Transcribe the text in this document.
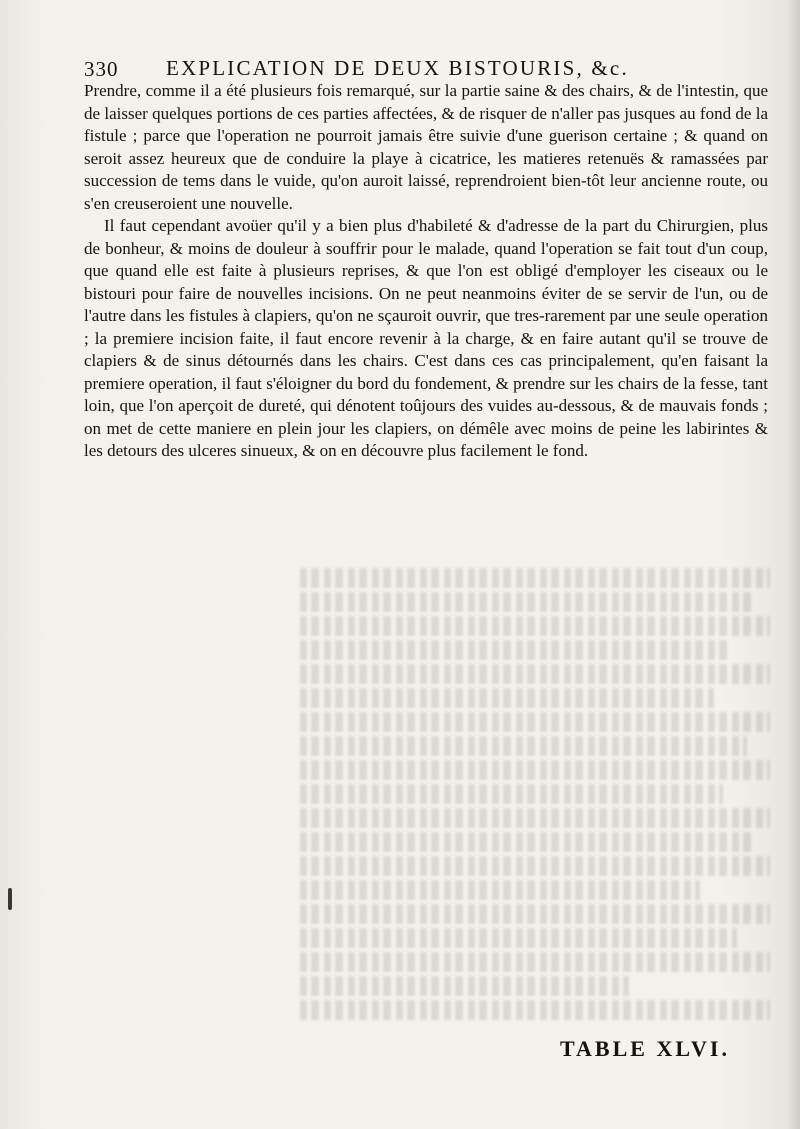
330 EXPLICATION DE DEUX BISTOURIS, &c.

Prendre, comme il a été plusieurs fois remarqué, sur la partie saine & des chairs, & de l'intestin, que de laisser quelques portions de ces parties affectées, & de risquer de n'aller pas jusques au fond de la fistule ; parce que l'operation ne pourroit jamais être suivie d'une guerison certaine ; & quand on seroit assez heureux que de conduire la playe à cicatrice, les matieres retenuës & ramassées par succession de tems dans le vuide, qu'on auroit laissé, reprendroient bien-tôt leur ancienne route, ou s'en creuseroient une nouvelle.

Il faut cependant avoüer qu'il y a bien plus d'habileté & d'adresse de la part du Chirurgien, plus de bonheur, & moins de douleur à souffrir pour le malade, quand l'operation se fait tout d'un coup, que quand elle est faite à plusieurs reprises, & que l'on est obligé d'employer les ciseaux ou le bistouri pour faire de nouvelles incisions. On ne peut neanmoins éviter de se servir de l'un, ou de l'autre dans les fistules à clapiers, qu'on ne sçauroit ouvrir, que tres-rarement par une seule operation ; la premiere incision faite, il faut encore revenir à la charge, & en faire autant qu'il se trouve de clapiers & de sinus détournés dans les chairs. C'est dans ces cas principalement, qu'en faisant la premiere operation, il faut s'éloigner du bord du fondement, & prendre sur les chairs de la fesse, tant loin, que l'on aperçoit de dureté, qui dénotent toûjours des vuides au-dessous, & de mauvais fonds ; on met de cette maniere en plein jour les clapiers, on démêle avec moins de peine les labirintes & les detours des ulceres sinueux, & on en découvre plus facilement le fond.

TABLE XLVI.
